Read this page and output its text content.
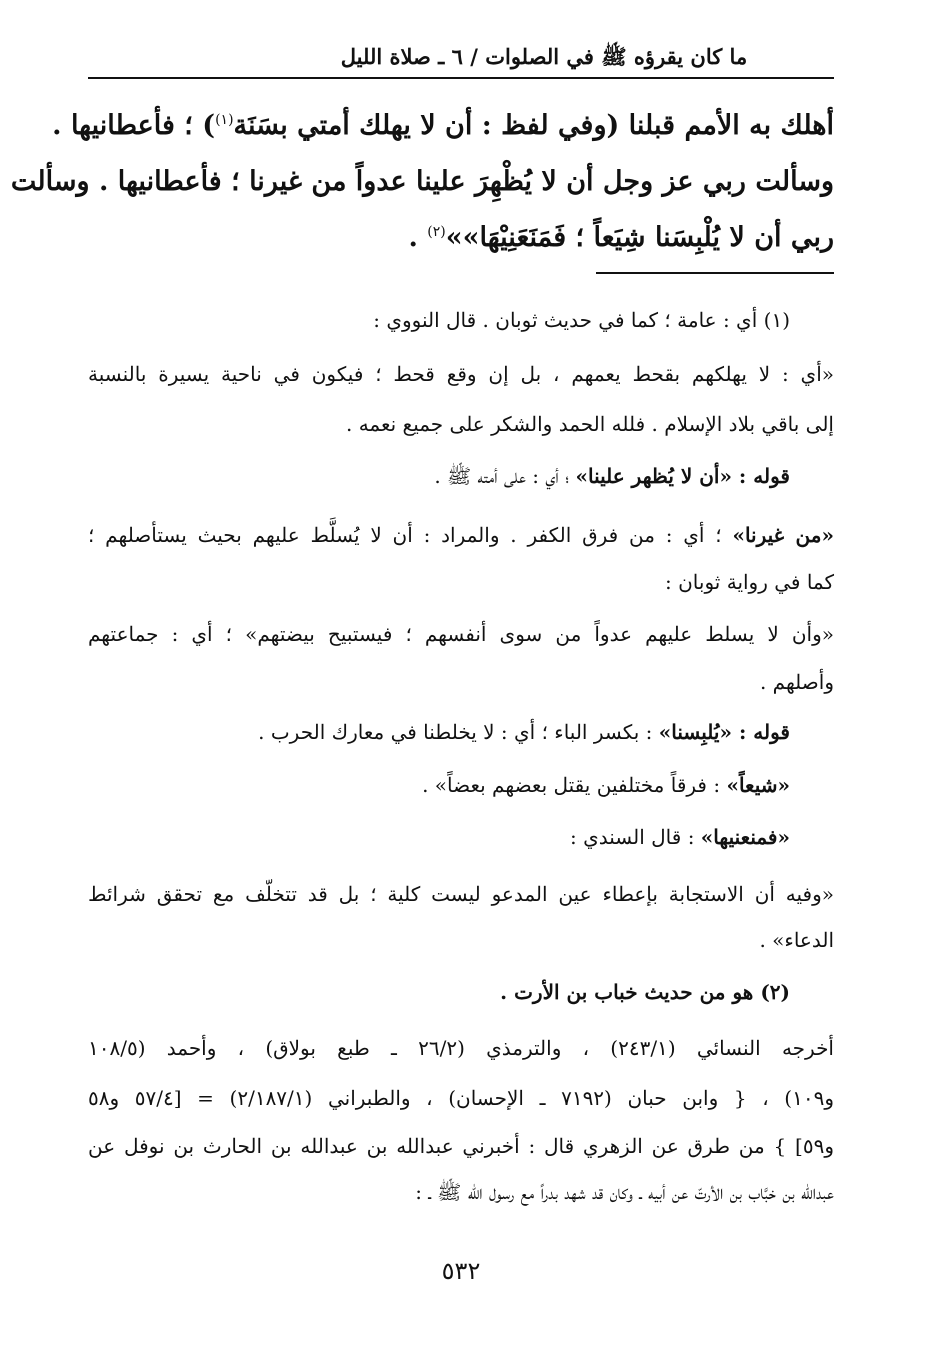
ما كان يقرؤه ﷺ في الصلوات / ٦ ـ صلاة الليل

أهلك به الأمم قبلنا (وفي لفظ : أن لا يهلك أمتي بسَنَة$^{(١)}$) ؛ فأعطانيها .

وسألت ربي عز وجل أن لا يُظْهِرَ علينا عدواً من غيرنا ؛ فأعطانيها . وسألت

ربي أن لا يُلْبِسَنا شِيَعاً ؛ فَمَنَعَنِيْهَا»»$^{(٢)}$ .

(١) أي : عامة ؛ كما في حديث ثوبان . قال النووي :
«أي : لا يهلكهم بقحط يعمهم ، بل إن وقع قحط ؛ فيكون في ناحية يسيرة بالنسبة
إلى باقي بلاد الإسلام . فلله الحمد والشكر على جميع نعمه .
قوله : «أن لا يُظهر علينا» ؛ أي : على أمته ﷺ .
«من غيرنا» ؛ أي : من فرق الكفر . والمراد : أن لا يُسلَّط عليهم بحيث يستأصلهم ؛
كما في رواية ثوبان :
«وأن لا يسلط عليهم عدواً من سوى أنفسهم ؛ فيستبيح بيضتهم» ؛ أي : جماعتهم
وأصلهم .
قوله : «يُلبِسنا» : بكسر الباء ؛ أي : لا يخلطنا في معارك الحرب .
«شيعاً» : فرقاً مختلفين يقتل بعضهم بعضاً» .
«فمنعنيها» : قال السندي :
«وفيه أن الاستجابة بإعطاء عين المدعو ليست كلية ؛ بل قد تتخلّف مع تحقق شرائط
الدعاء» .
(٢) هو من حديث خباب بن الأرت .
أخرجه النسائي (٢٤٣/١) ، والترمذي (٢٦/٢ ـ طبع بولاق) ، وأحمد (١٠٨/٥
و١٠٩) ، { وابن حبان (٧١٩٢ ـ الإحسان) ، والطبراني (٢/١٨٧/١) = [٥٧/٤ و٥٨
و٥٩] } من طرق عن الزهري قال : أخبرني عبدالله بن عبدالله بن الحارث بن نوفل عن
عبدالله بن خبَّاب بن الأرتّ عن أبيه ـ وكان قد شهد بدراً مع رسول الله ﷺ ـ :
٥٣٢
